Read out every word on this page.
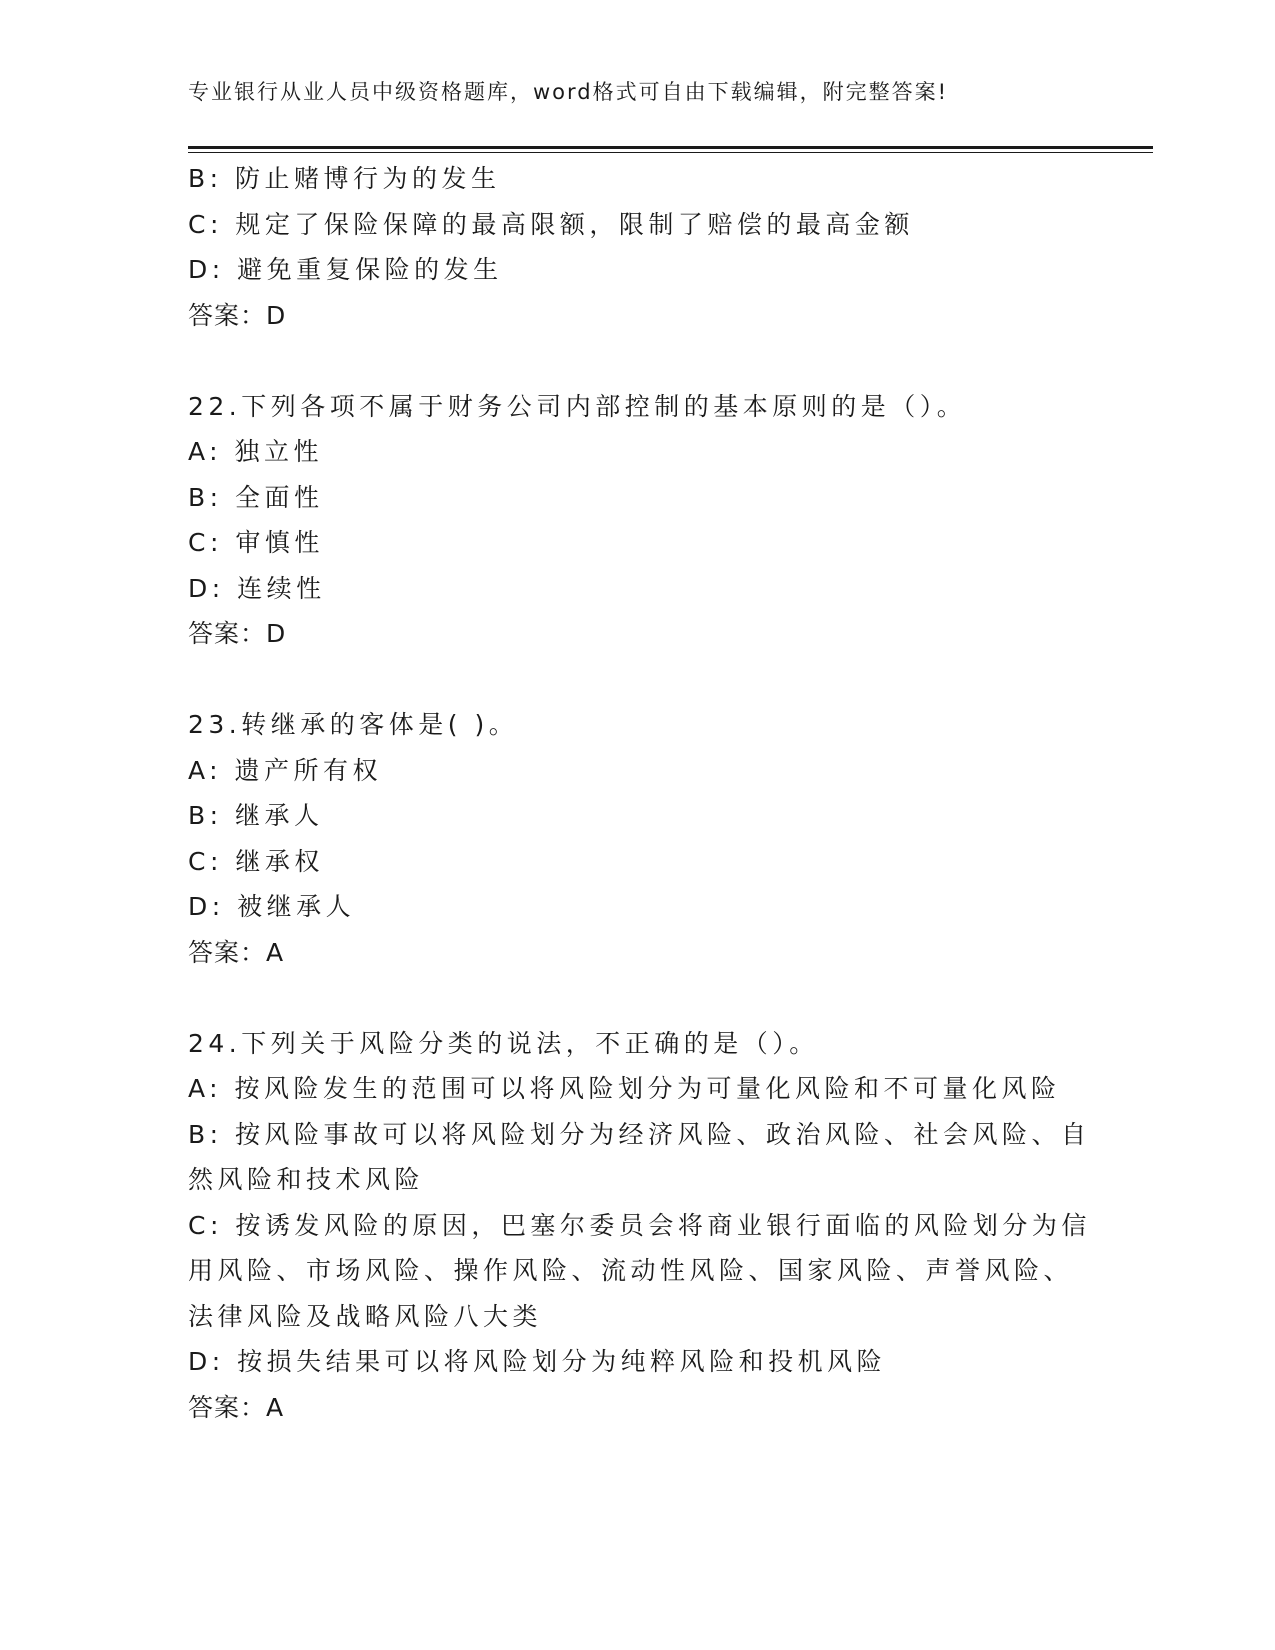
专业银行从业人员中级资格题库，word格式可自由下载编辑，附完整答案!
B: 防止赌博行为的发生
C: 规定了保险保障的最高限额，限制了赔偿的最高金额
D: 避免重复保险的发生
答案：D
22.下列各项不属于财务公司内部控制的基本原则的是（）。
A: 独立性
B: 全面性
C: 审慎性
D: 连续性
答案：D
23.转继承的客体是( )。
A: 遗产所有权
B: 继承人
C: 继承权
D: 被继承人
答案：A
24.下列关于风险分类的说法，不正确的是（）。
A: 按风险发生的范围可以将风险划分为可量化风险和不可量化风险
B: 按风险事故可以将风险划分为经济风险、政治风险、社会风险、自
然风险和技术风险
C: 按诱发风险的原因，巴塞尔委员会将商业银行面临的风险划分为信
用风险、市场风险、操作风险、流动性风险、国家风险、声誉风险、
法律风险及战略风险八大类
D: 按损失结果可以将风险划分为纯粹风险和投机风险
答案：A
